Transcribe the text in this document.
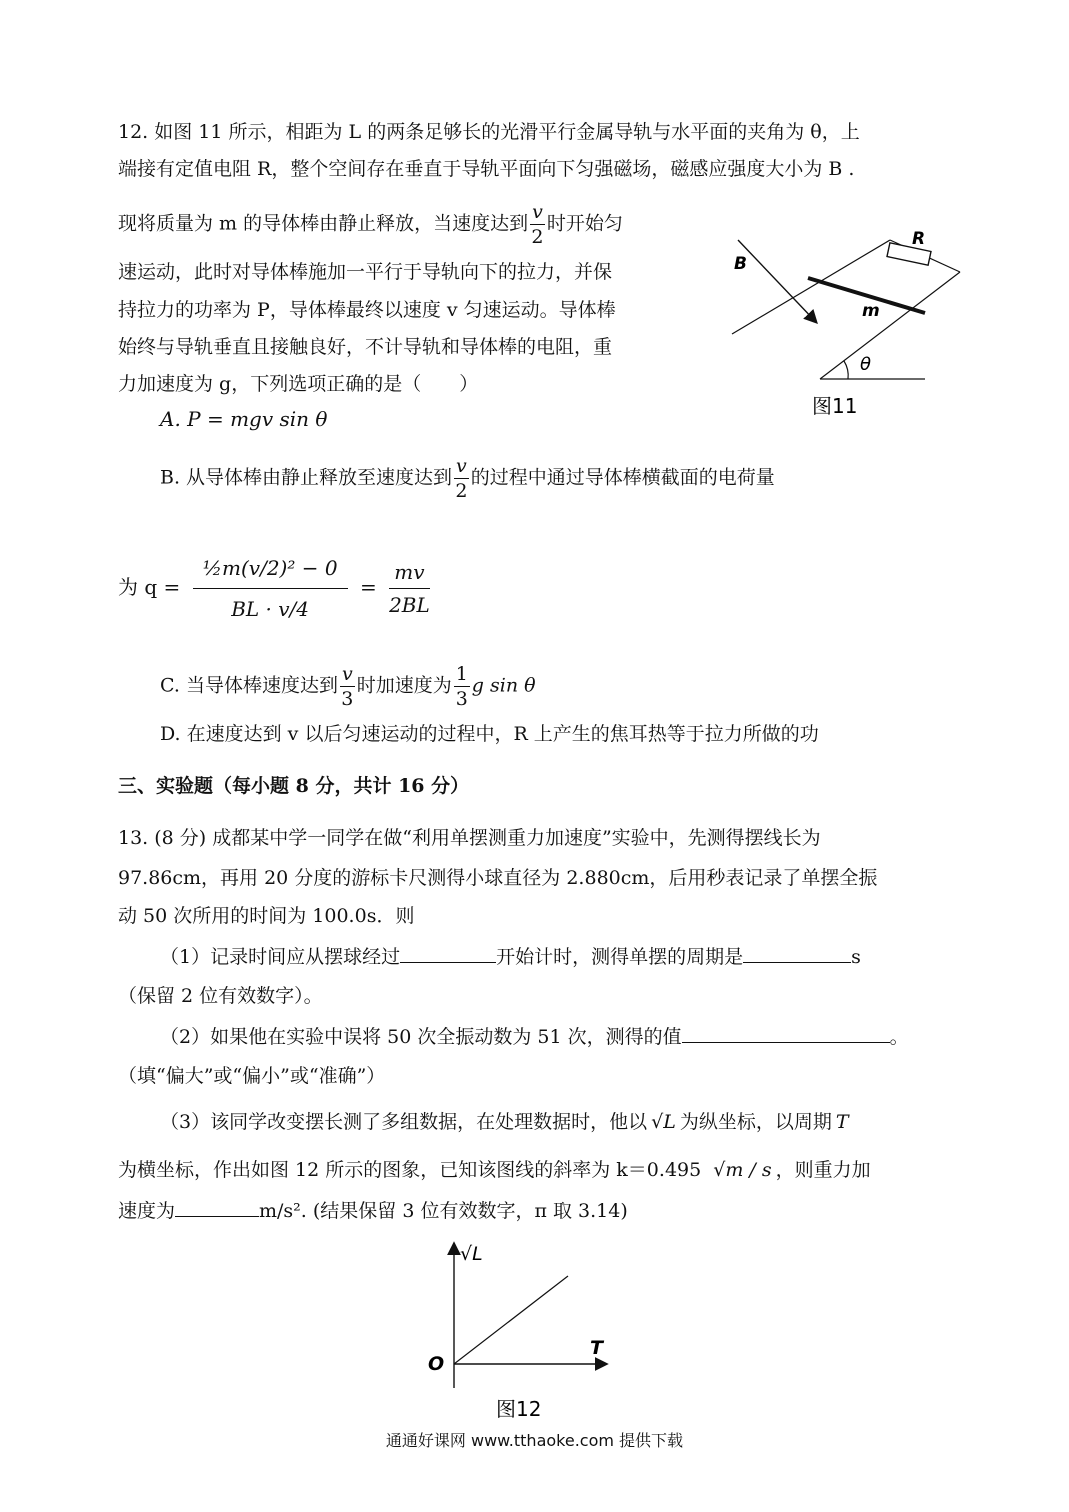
12. 如图 11 所示，相距为 L 的两条足够长的光滑平行金属导轨与水平面的夹角为 θ，上
端接有定值电阻 R，整个空间存在垂直于导轨平面向下匀强磁场，磁感应强度大小为 B .
现将质量为 m 的导体棒由静止释放，当速度达到 $\frac{v}{2}$ 时开始匀
速运动，此时对导体棒施加一平行于导轨向下的拉力，并保
持拉力的功率为 P，导体棒最终以速度 v 匀速运动。导体棒
始终与导轨垂直且接触良好，不计导轨和导体棒的电阻，重
力加速度为 g，下列选项正确的是（　　）
B
R
m
θ
图11
A. P = mgv sin θ
B. 从导体棒由静止释放至速度达到 $\frac{v}{2}$ 的过程中通过导体棒横截面的电荷量
为 $q = \frac{\text{½m(v/2)² − 0}}{BL \cdot v/4} = \frac{mv}{2BL}$
C. 当导体棒速度达到 $\frac{v}{3}$ 时加速度为 $\frac{1}{3}$ g sin θ
D. 在速度达到 v 以后匀速运动的过程中，R 上产生的焦耳热等于拉力所做的功
三、实验题（每小题 8 分，共计 16 分）
13. (8 分) 成都某中学一同学在做“利用单摆测重力加速度”实验中，先测得摆线长为
97.86cm，再用 20 分度的游标卡尺测得小球直径为 2.880cm，后用秒表记录了单摆全振
动 50 次所用的时间为 100.0s．则
（1）记录时间应从摆球经过	开始计时，测得单摆的周期是	s
（保留 2 位有效数字）。
（2）如果他在实验中误将 50 次全振动数为 51 次，测得的值	。
（填“偏大”或“偏小”或“准确”）
（3）该同学改变摆长测了多组数据，在处理数据时，他以 √L 为纵坐标，以周期 T
为横坐标，作出如图 12 所示的图象，已知该图线的斜率为 k＝0.495 √m / s ，则重力加
速度为	m/s². (结果保留 3 位有效数字，π 取 3.14)
√L
T
O
图12
通通好课网 www.tthaoke.com 提供下载
